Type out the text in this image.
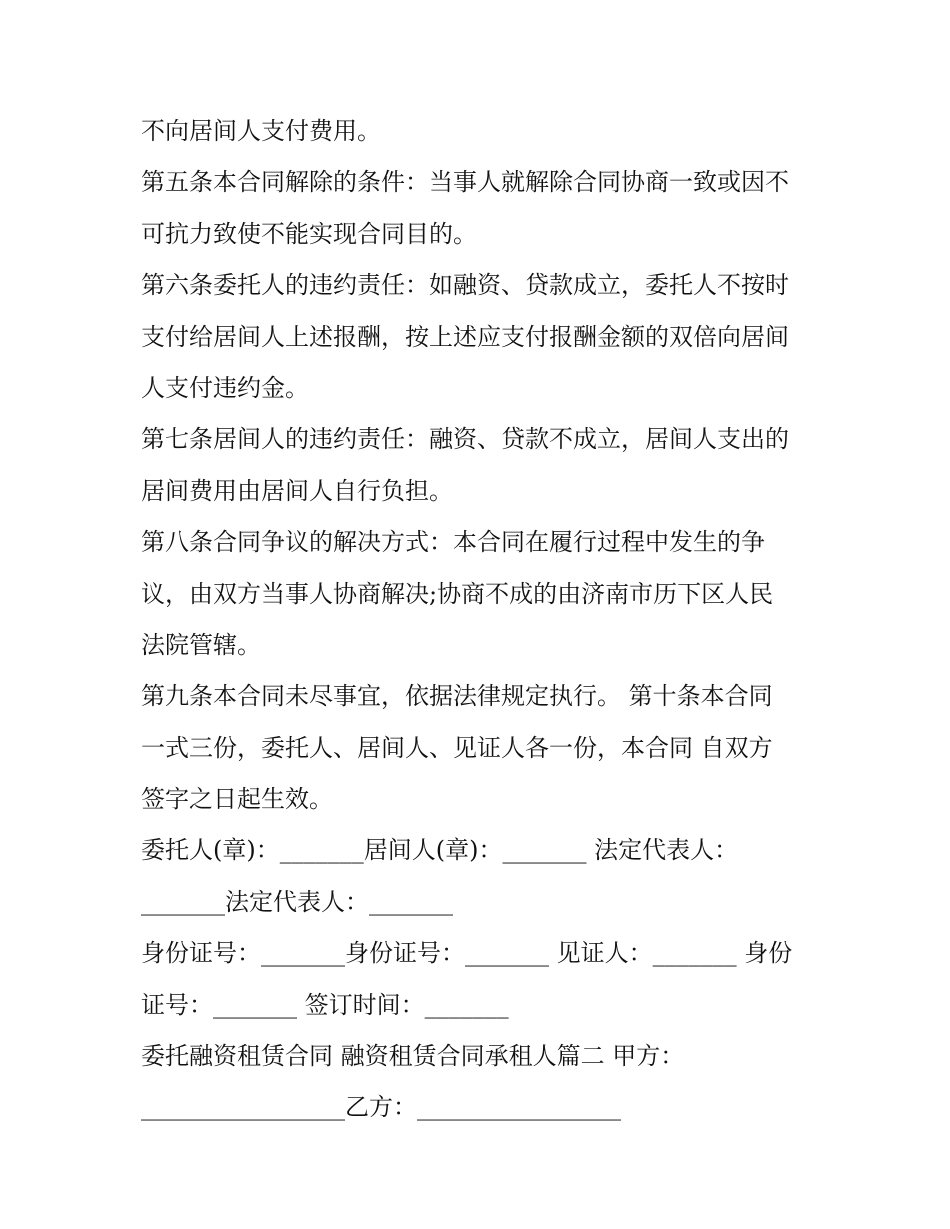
不向居间人支付费用。
第五条本合同解除的条件：当事人就解除合同协商一致或因不
可抗力致使不能实现合同目的。
第六条委托人的违约责任：如融资、贷款成立，委托人不按时
支付给居间人上述报酬，按上述应支付报酬金额的双倍向居间
人支付违约金。
第七条居间人的违约责任：融资、贷款不成立，居间人支出的
居间费用由居间人自行负担。
第八条合同争议的解决方式：本合同在履行过程中发生的争
议，由双方当事人协商解决;协商不成的由济南市历下区人民
法院管辖。
第九条本合同未尽事宜，依据法律规定执行。 第十条本合同
一式三份，委托人、居间人、见证人各一份，本合同 自双方
签字之日起生效。
委托人(章)：_______居间人(章)：_______ 法定代表人：
_______法定代表人：_______
身份证号：_______身份证号：_______ 见证人：_______ 身份
证号：_______ 签订时间：_______
委托融资租赁合同 融资租赁合同承租人篇二 甲方：
_________________乙方：_________________
